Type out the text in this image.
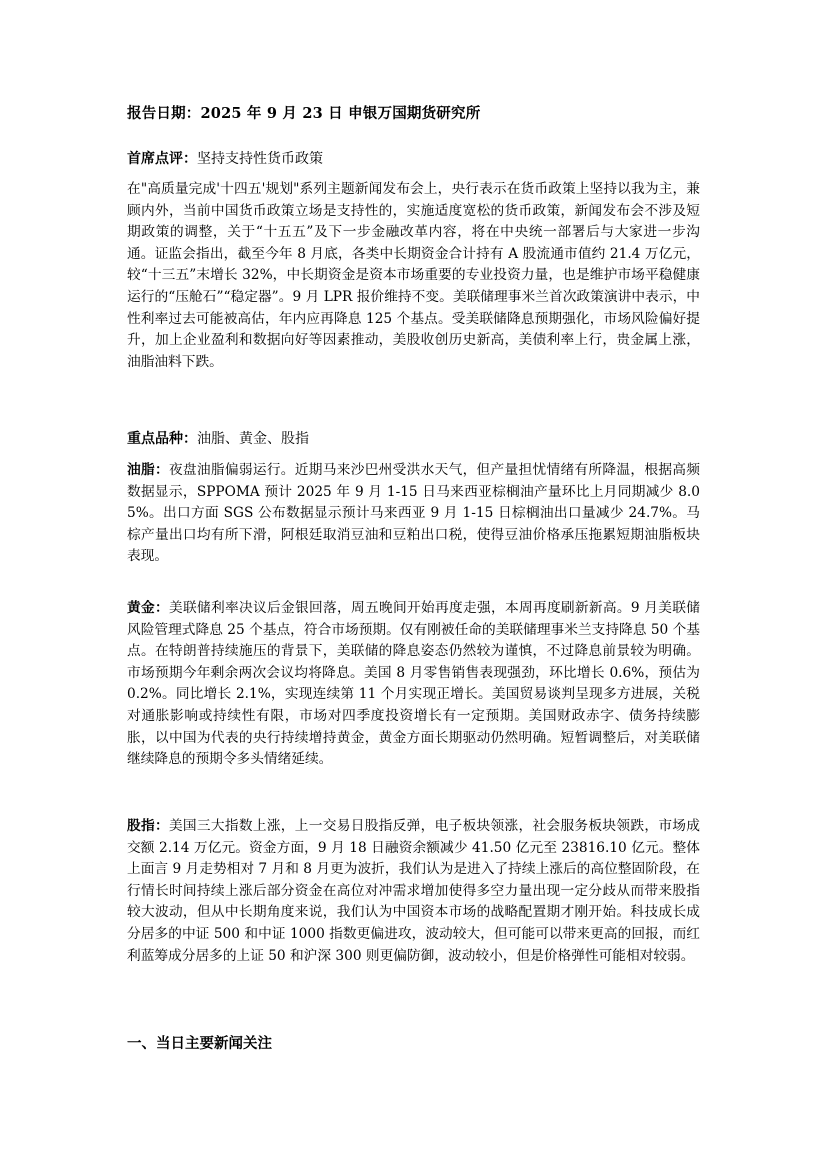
报告日期：2025 年 9 月 23 日 申银万国期货研究所

首席点评：坚持支持性货币政策

在"高质量完成'十四五'规划"系列主题新闻发布会上，央行表示在货币政策上坚持以我为主，兼顾内外，当前中国货币政策立场是支持性的，实施适度宽松的货币政策，新闻发布会不涉及短期政策的调整，关于“十五五”及下一步金融改革内容，将在中央统一部署后与大家进一步沟通。证监会指出，截至今年 8 月底，各类中长期资金合计持有 A 股流通市值约 21.4 万亿元，较“十三五”末增长 32%，中长期资金是资本市场重要的专业投资力量，也是维护市场平稳健康运行的“压舱石”“稳定器”。9 月 LPR 报价维持不变。美联储理事米兰首次政策演讲中表示，中性利率过去可能被高估，年内应再降息 125 个基点。受美联储降息预期强化，市场风险偏好提升，加上企业盈利和数据向好等因素推动，美股收创历史新高，美债利率上行，贵金属上涨，油脂油料下跌。

重点品种：油脂、黄金、股指

油脂：夜盘油脂偏弱运行。近期马来沙巴州受洪水天气，但产量担忧情绪有所降温，根据高频数据显示，SPPOMA 预计 2025 年 9 月 1-15 日马来西亚棕榈油产量环比上月同期减少 8.05%。出口方面 SGS 公布数据显示预计马来西亚 9 月 1-15 日棕榈油出口量减少 24.7%。马棕产量出口均有所下滑，阿根廷取消豆油和豆粕出口税，使得豆油价格承压拖累短期油脂板块表现。

黄金：美联储利率决议后金银回落，周五晚间开始再度走强，本周再度刷新新高。9 月美联储风险管理式降息 25 个基点，符合市场预期。仅有刚被任命的美联储理事米兰支持降息 50 个基点。在特朗普持续施压的背景下，美联储的降息姿态仍然较为谨慎，不过降息前景较为明确。市场预期今年剩余两次会议均将降息。美国 8 月零售销售表现强劲，环比增长 0.6%，预估为 0.2%。同比增长 2.1%，实现连续第 11 个月实现正增长。美国贸易谈判呈现多方进展，关税对通胀影响或持续性有限，市场对四季度投资增长有一定预期。美国财政赤字、债务持续膨胀，以中国为代表的央行持续增持黄金，黄金方面长期驱动仍然明确。短暂调整后，对美联储继续降息的预期令多头情绪延续。

股指：美国三大指数上涨，上一交易日股指反弹，电子板块领涨，社会服务板块领跌，市场成交额 2.14 万亿元。资金方面，9 月 18 日融资余额减少 41.50 亿元至 23816.10 亿元。整体上面言 9 月走势相对 7 月和 8 月更为波折，我们认为是进入了持续上涨后的高位整固阶段，在行情长时间持续上涨后部分资金在高位对冲需求增加使得多空力量出现一定分歧从而带来股指较大波动，但从中长期角度来说，我们认为中国资本市场的战略配置期才刚开始。科技成长成分居多的中证 500 和中证 1000 指数更偏进攻，波动较大，但可能可以带来更高的回报，而红利蓝筹成分居多的上证 50 和沪深 300 则更偏防御，波动较小，但是价格弹性可能相对较弱。

一、当日主要新闻关注
